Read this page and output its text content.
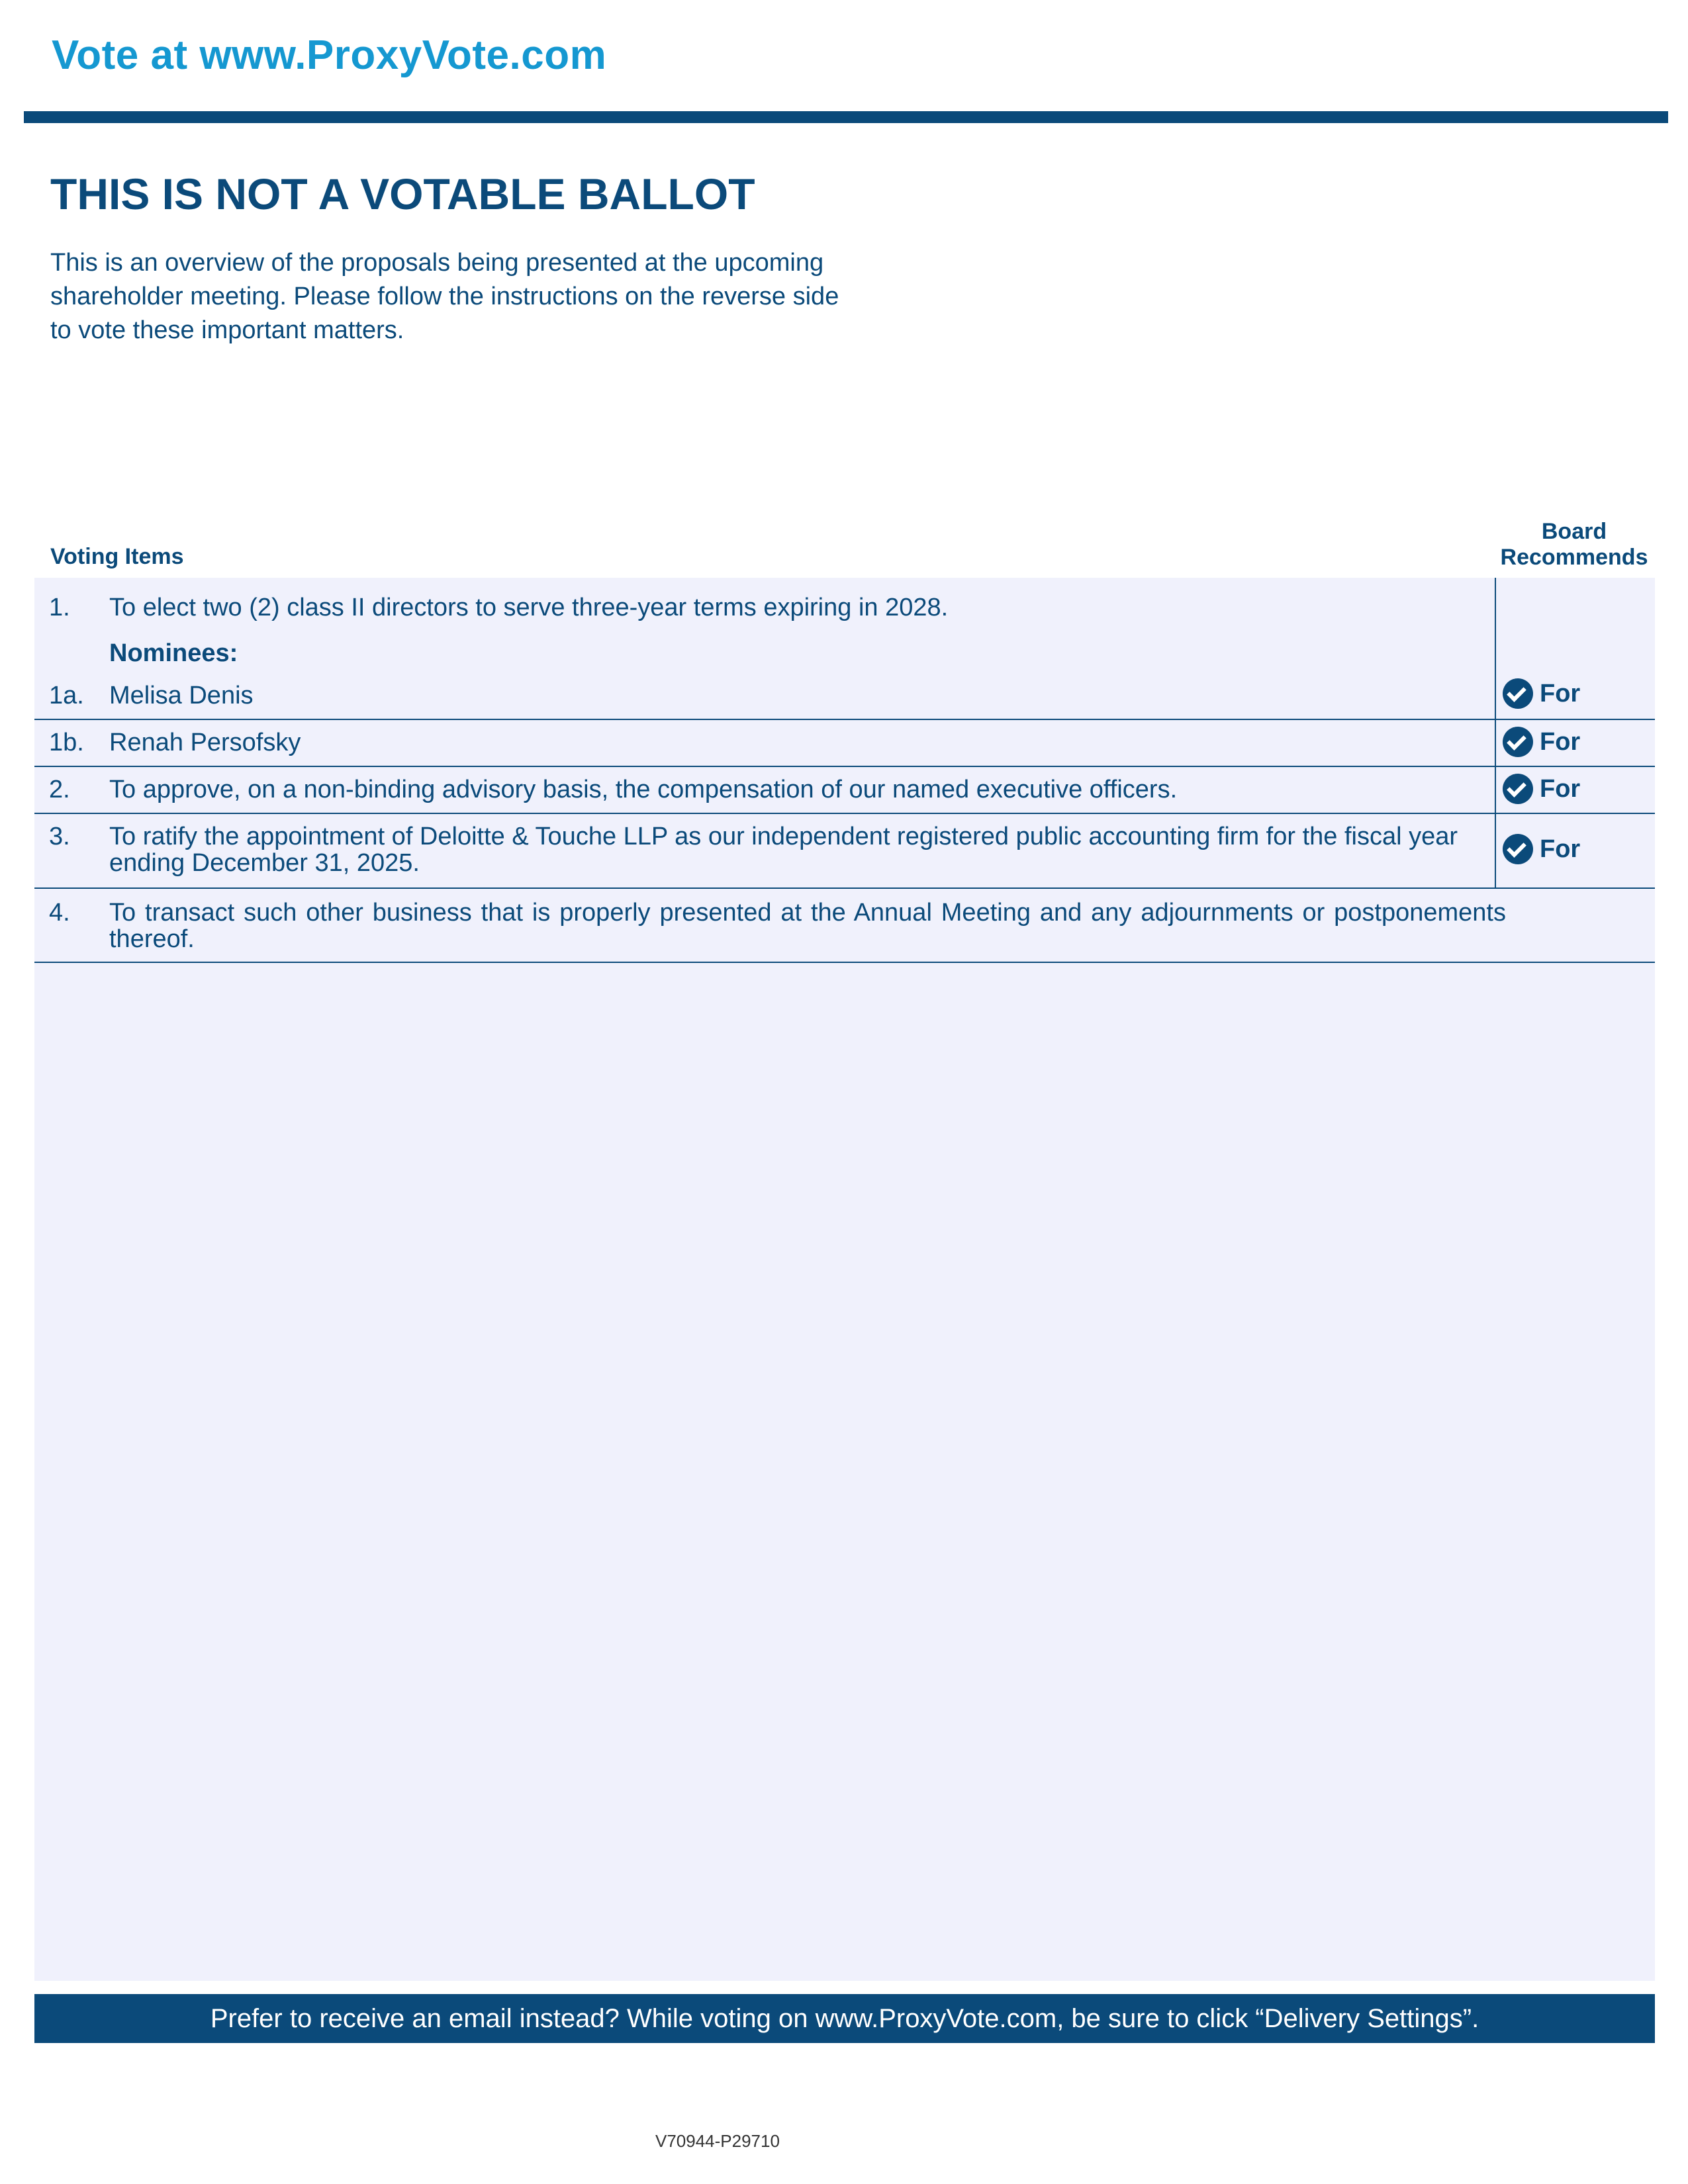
Vote at www.ProxyVote.com
THIS IS NOT A VOTABLE BALLOT
This is an overview of the proposals being presented at the upcoming shareholder meeting. Please follow the instructions on the reverse side to vote these important matters.
Voting Items
Board
Recommends
1. To elect two (2) class II directors to serve three-year terms expiring in 2028.
Nominees:
1a. Melisa Denis	For
1b. Renah Persofsky	For
2. To approve, on a non-binding advisory basis, the compensation of our named executive officers.	For
3. To ratify the appointment of Deloitte & Touche LLP as our independent registered public accounting firm for the fiscal year ending December 31, 2025.	For
4. To transact such other business that is properly presented at the Annual Meeting and any adjournments or postponements thereof.
Prefer to receive an email instead? While voting on www.ProxyVote.com, be sure to click “Delivery Settings”.
V70944-P29710
